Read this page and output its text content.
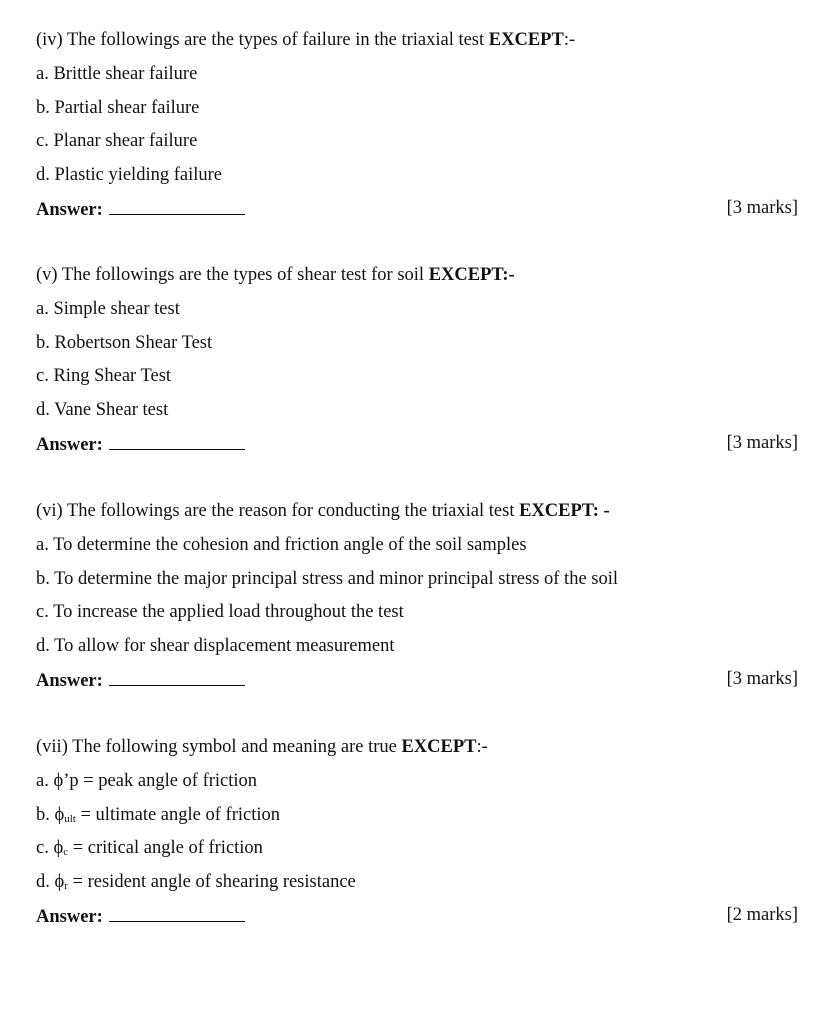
(iv) The followings are the types of failure in the triaxial test EXCEPT:-
a. Brittle shear failure
b. Partial shear failure
c. Planar shear failure
d. Plastic yielding failure
Answer:	[3 marks]
(v) The followings are the types of shear test for soil EXCEPT:-
a. Simple shear test
b. Robertson Shear Test
c. Ring Shear Test
d. Vane Shear test
Answer:	[3 marks]
(vi) The followings are the reason for conducting the triaxial test EXCEPT: -
a. To determine the cohesion and friction angle of the soil samples
b. To determine the major principal stress and minor principal stress of the soil
c. To increase the applied load throughout the test
d. To allow for shear displacement measurement
Answer:	[3 marks]
(vii) The following symbol and meaning are true EXCEPT:-
a. ϕ’p = peak angle of friction
b. $\phi_{ult}$ = ultimate angle of friction
c. $\phi_c$ = critical angle of friction
d. $\phi_r$ = resident angle of shearing resistance
Answer:	[2 marks]
